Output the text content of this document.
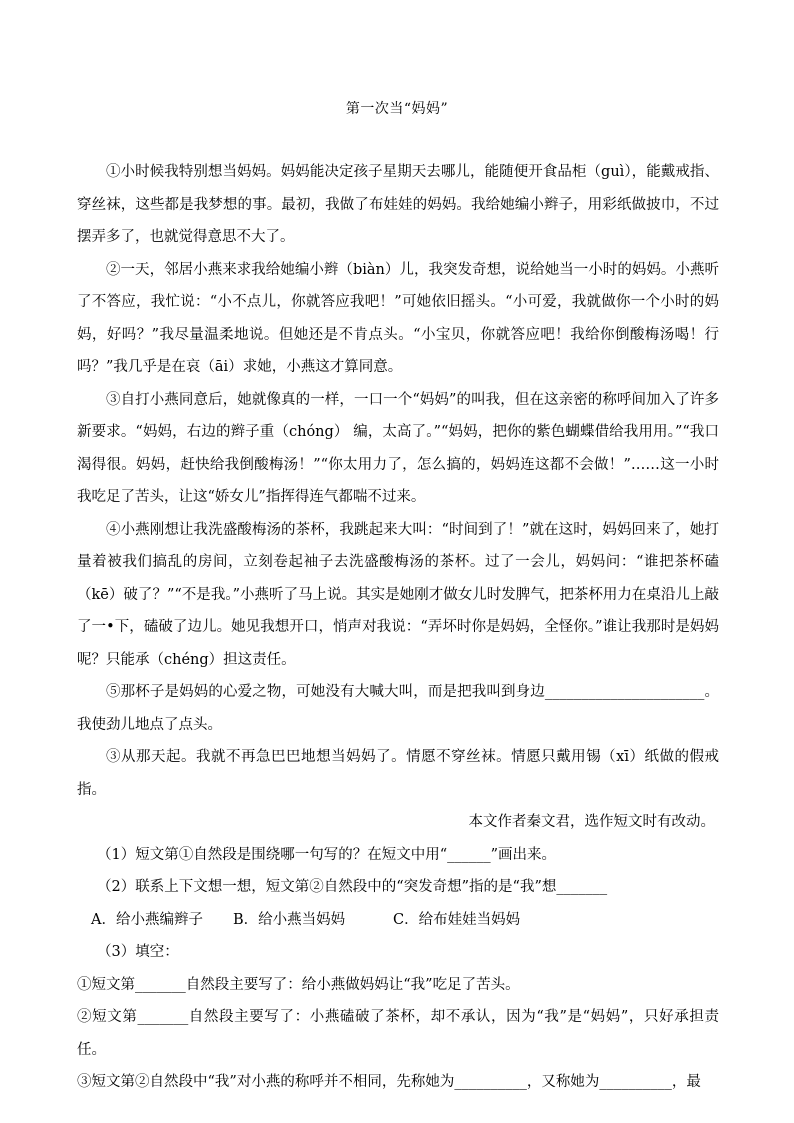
第一次当“妈妈”

①小时候我特别想当妈妈。妈妈能决定孩子星期天去哪儿，能随便开食品柜（guì），能戴戒指、穿丝袜，这些都是我梦想的事。最初，我做了布娃娃的妈妈。我给她编小辫子，用彩纸做披巾，不过摆弄多了，也就觉得意思不大了。

②一天，邻居小燕来求我给她编小辫（biàn）儿，我突发奇想，说给她当一小时的妈妈。小燕听了不答应，我忙说：“小不点儿，你就答应我吧！”可她依旧摇头。“小可爱，我就做你一个小时的妈妈，好吗？”我尽量温柔地说。但她还是不肯点头。“小宝贝，你就答应吧！我给你倒酸梅汤喝！行吗？”我几乎是在哀（āi）求她，小燕这才算同意。

③自打小燕同意后，她就像真的一样，一口一个“妈妈”的叫我，但在这亲密的称呼间加入了许多新要求。“妈妈，右边的辫子重（chóng） 编，太高了。”“妈妈，把你的紫色蝴蝶借给我用用。”“我口渴得很。妈妈，赶快给我倒酸梅汤！”“你太用力了，怎么搞的，妈妈连这都不会做！”……这一小时我吃足了苦头，让这“娇女儿”指挥得连气都喘不过来。

④小燕刚想让我洗盛酸梅汤的茶杯，我跳起来大叫：“时间到了！”就在这时，妈妈回来了，她打量着被我们搞乱的房间，立刻卷起袖子去洗盛酸梅汤的茶杯。过了一会儿，妈妈问：“谁把茶杯磕（kē）破了？”“不是我。”小燕听了马上说。其实是她刚才做女儿时发脾气，把茶杯用力在桌沿儿上敲了一•下，磕破了边儿。她见我想开口，悄声对我说：“弄坏时你是妈妈，全怪你。”谁让我那时是妈妈呢？只能承（chéng）担这责任。

⑤那杯子是妈妈的心爱之物，可她没有大喊大叫，而是把我叫到身边______________________。我使劲儿地点了点头。

③从那天起。我就不再急巴巴地想当妈妈了。情愿不穿丝袜。情愿只戴用锡（xī）纸做的假戒指。

本文作者秦文君，选作短文时有改动。

（1）短文第①自然段是围绕哪一句写的？在短文中用“______”画出来。

（2）联系上下文想一想，短文第②自然段中的“突发奇想”指的是“我”想_______

A．给小燕编辫子 B．给小燕当妈妈	C．给布娃娃当妈妈

（3）填空：

①短文第_______自然段主要写了：给小燕做妈妈让“我”吃足了苦头。

②短文第_______自然段主要写了：小燕磕破了茶杯，却不承认，因为“我”是“妈妈”，只好承担责任。

③短文第②自然段中“我”对小燕的称呼并不相同，先称她为__________，又称她为__________，最
